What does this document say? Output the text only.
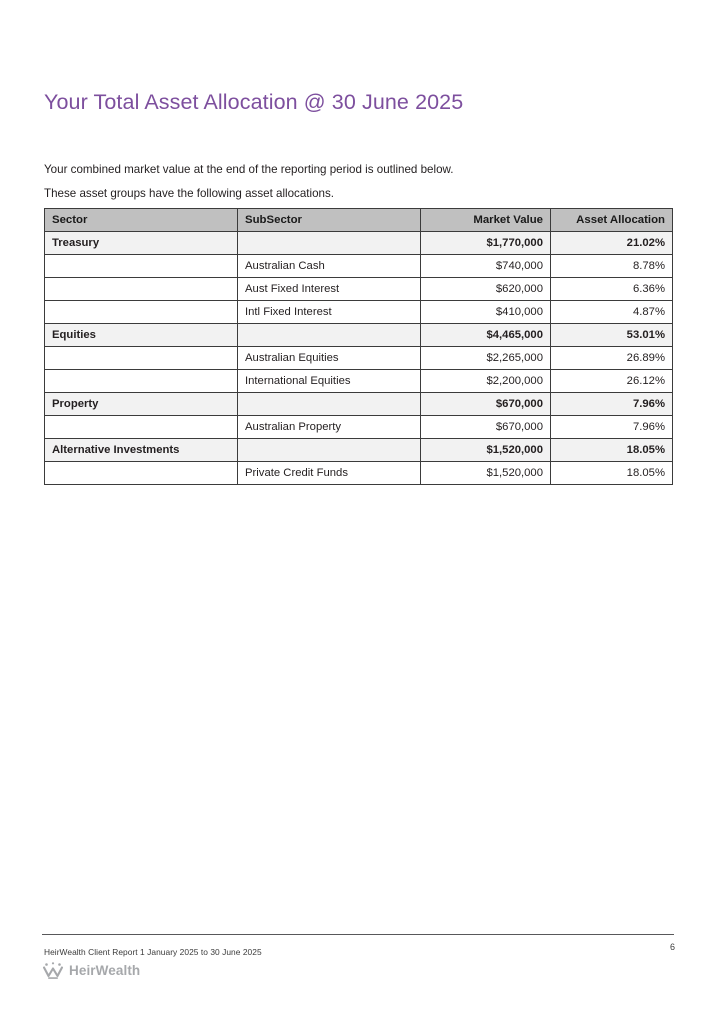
Your Total Asset Allocation @ 30 June 2025
Your combined market value at the end of the reporting period is outlined below.
These asset groups have the following asset allocations.
Sector	SubSector	Market Value	Asset Allocation
Treasury		$1,770,000	21.02%
	Australian Cash	$740,000	8.78%
	Aust Fixed Interest	$620,000	6.36%
	Intl Fixed Interest	$410,000	4.87%
Equities		$4,465,000	53.01%
	Australian Equities	$2,265,000	26.89%
	International Equities	$2,200,000	26.12%
Property		$670,000	7.96%
	Australian Property	$670,000	7.96%
Alternative Investments		$1,520,000	18.05%
	Private Credit Funds	$1,520,000	18.05%
HeirWealth Client Report 1 January 2025 to 30 June 2025
HeirWealth
6
